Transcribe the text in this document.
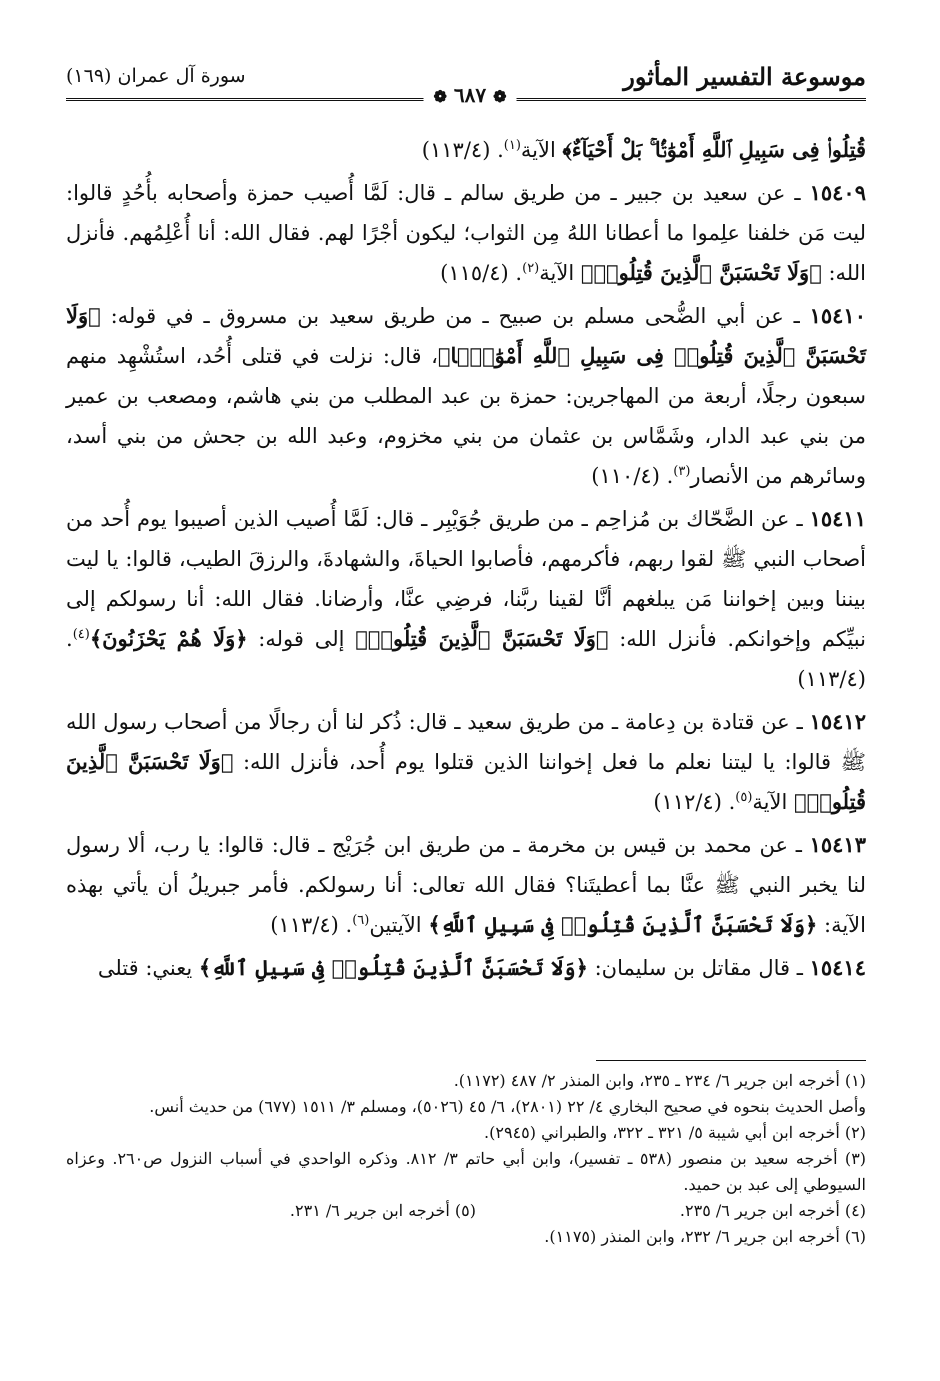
موسوعة التفسير المأثور
سورة آل عمران (١٦٩)
❁ ٦٨٧ ❁

قُتِلُوا۟ فِى سَبِيلِ ٱللَّهِ أَمْوَٰتًۢا ۚ بَلْ أَحْيَآءٌ﴾ الآية$^{(١)}$. (١١٣/٤)

١٥٤٠٩ ـ عن سعيد بن جبير ـ من طريق سالم ـ قال: لَمَّا أُصيب حمزة وأصحابه بأُحُدٍ قالوا: ليت مَن خلفنا علِموا ما أعطانا اللهُ مِن الثواب؛ ليكون أجْرًا لهم. فقال الله: أنا أُعْلِمُهم. فأنزل الله: ﴿وَلَا تَحْسَبَنَّ ٱلَّذِينَ قُتِلُوا۟﴾ الآية$^{(٢)}$. (١١٥/٤)

١٥٤١٠ ـ عن أبي الضُّحى مسلم بن صبيح ـ من طريق سعيد بن مسروق ـ في قوله: ﴿وَلَا تَحْسَبَنَّ ٱلَّذِينَ قُتِلُوا۟ فِى سَبِيلِ ٱللَّهِ أَمْوَٰتًۢا﴾، قال: نزلت في قتلى أُحُد، استُشْهِد منهم سبعون رجلًا، أربعة من المهاجرين: حمزة بن عبد المطلب من بني هاشم، ومصعب بن عمير من بني عبد الدار، وشَمَّاس بن عثمان من بني مخزوم، وعبد الله بن جحش من بني أسد، وسائرهم من الأنصار$^{(٣)}$. (١١٠/٤)

١٥٤١١ ـ عن الضَّحّاك بن مُزاحِم ـ من طريق جُوَيْبِر ـ قال: لَمَّا أُصيب الذين أصيبوا يوم أُحد من أصحاب النبي ﷺ لقوا ربهم، فأكرمهم، فأصابوا الحياةَ، والشهادةَ، والرزقَ الطيب، قالوا: يا ليت بيننا وبين إخواننا مَن يبلغهم أنَّا لقينا ربَّنا، فرضِي عنَّا، وأرضانا. فقال الله: أنا رسولكم إلى نبيِّكم وإخوانكم. فأنزل الله: ﴿وَلَا تَحْسَبَنَّ ٱلَّذِينَ قُتِلُوا۟﴾ إلى قوله: ﴿وَلَا هُمْ يَحْزَنُونَ﴾$^{(٤)}$. (١١٣/٤)

١٥٤١٢ ـ عن قتادة بن دِعامة ـ من طريق سعيد ـ قال: ذُكر لنا أن رجالًا من أصحاب رسول الله ﷺ قالوا: يا ليتنا نعلم ما فعل إخواننا الذين قتلوا يوم أُحد، فأنزل الله: ﴿وَلَا تَحْسَبَنَّ ٱلَّذِينَ قُتِلُوا۟﴾ الآية$^{(٥)}$. (١١٢/٤)

١٥٤١٣ ـ عن محمد بن قيس بن مخرمة ـ من طريق ابن جُرَيْج ـ قال: قالوا: يا رب، ألا رسول لنا يخبر النبي ﷺ عنَّا بما أعطيتَنا؟ فقال الله تعالى: أنا رسولكم. فأمر جبريلُ أن يأتي بهذه الآية: ﴿وَلَا تَحْسَبَنَّ ٱلَّذِينَ قُتِلُوا۟ فِى سَبِيلِ ٱللَّهِ﴾ الآيتين$^{(٦)}$. (١١٣/٤)

١٥٤١٤ ـ قال مقاتل بن سليمان: ﴿وَلَا تَحْسَبَنَّ ٱلَّذِينَ قُتِلُوا۟ فِى سَبِيلِ ٱللَّهِ﴾ يعني: قتلى

(١) أخرجه ابن جرير ٦/ ٢٣٤ ـ ٢٣٥، وابن المنذر ٢/ ٤٨٧ (١١٧٢).

وأصل الحديث بنحوه في صحيح البخاري ٤/ ٢٢ (٢٨٠١)، ٦/ ٤٥ (٥٠٢٦)، ومسلم ٣/ ١٥١١ (٦٧٧) من حديث أنس.

(٢) أخرجه ابن أبي شيبة ٥/ ٣٢١ ـ ٣٢٢، والطبراني (٢٩٤٥).

(٣) أخرجه سعيد بن منصور (٥٣٨ ـ تفسير)، وابن أبي حاتم ٣/ ٨١٢. وذكره الواحدي في أسباب النزول ص٢٦٠. وعزاه السيوطي إلى عبد بن حميد.

(٤) أخرجه ابن جرير ٦/ ٢٣٥.

(٥) أخرجه ابن جرير ٦/ ٢٣١.

(٦) أخرجه ابن جرير ٦/ ٢٣٢، وابن المنذر (١١٧٥).
